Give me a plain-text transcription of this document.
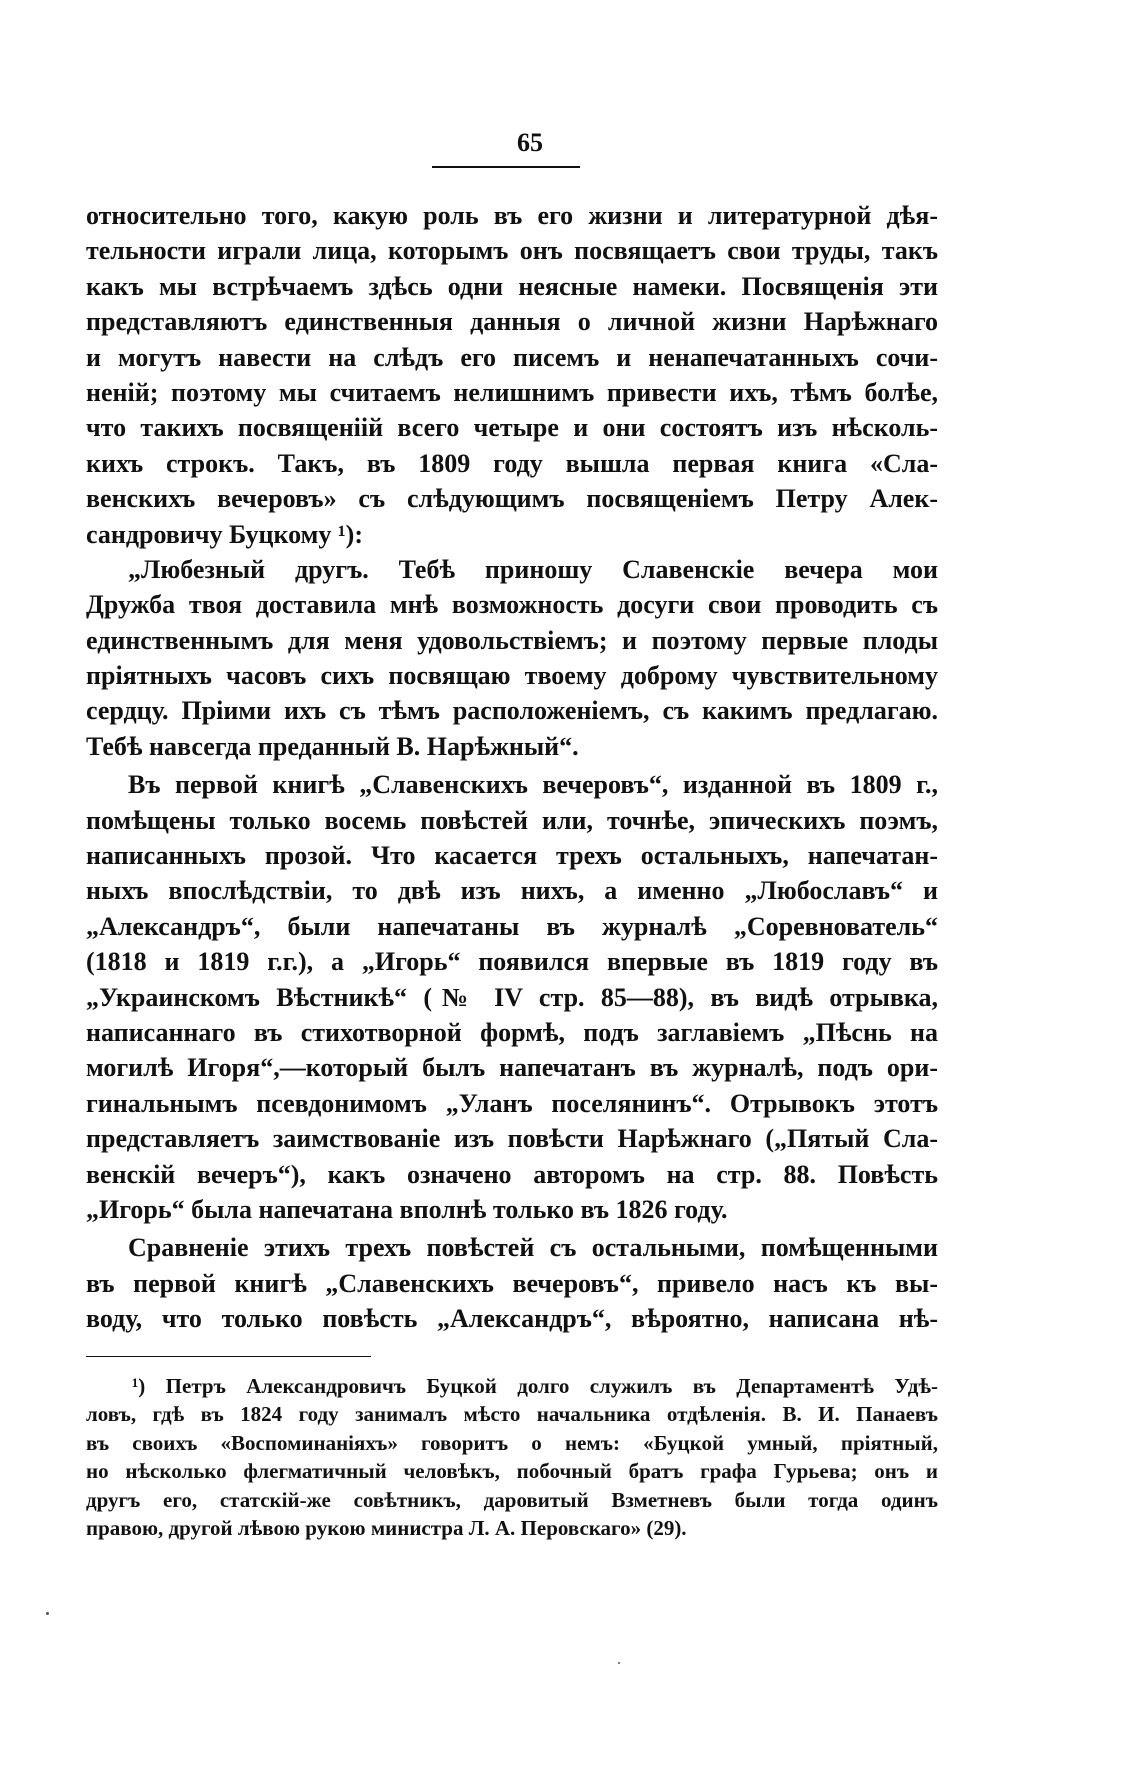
65
относительно того, какую роль въ его жизни и литературной дѣя-
тельности играли лица, которымъ онъ посвящаетъ свои труды, такъ
какъ мы встрѣчаемъ здѣсь одни неясные намеки. Посвященія эти
представляютъ единственныя данныя о личной жизни Нарѣжнаго
и могутъ навести на слѣдъ его писемъ и ненапечатанныхъ сочи-
неній; поэтому мы считаемъ нелишнимъ привести ихъ, тѣмъ болѣе,
что такихъ посвященіій всего четыре и они состоятъ изъ нѣсколь-
кихъ строкъ. Такъ, въ 1809 году вышла первая книга «Сла-
венскихъ вечеровъ» съ слѣдующимъ посвященіемъ Петру Алек-
сандровичу Буцкому ¹):
„Любезный другъ. Тебѣ приношу Славенскіе вечера мои
Дружба твоя доставила мнѣ возможность досуги свои проводить съ
единственнымъ для меня удовольствіемъ; и поэтому первые плоды
пріятныхъ часовъ сихъ посвящаю твоему доброму чувствительному
сердцу. Пріими ихъ съ тѣмъ расположеніемъ, съ какимъ предлагаю.
Тебѣ навсегда преданный В. Нарѣжный“.
Въ первой книгѣ „Славенскихъ вечеровъ“, изданной въ 1809 г.,
помѣщены только восемь повѣстей или, точнѣе, эпическихъ поэмъ,
написанныхъ прозой. Что касается трехъ остальныхъ, напечатан-
ныхъ впослѣдствіи, то двѣ изъ нихъ, а именно „Любославъ“ и
„Александръ“, были напечатаны въ журналѣ „Соревнователь“
(1818 и 1819 г.г.), а „Игорь“ появился впервые въ 1819 году въ
„Украинскомъ Вѣстникѣ“ (№ IV стр. 85—88), въ видѣ отрывка,
написаннаго въ стихотворной формѣ, подъ заглавіемъ „Пѣснь на
могилѣ Игоря“,—который былъ напечатанъ въ журналѣ, подъ ори-
гинальнымъ псевдонимомъ „Уланъ поселянинъ“. Отрывокъ этотъ
представляетъ заимствованіе изъ повѣсти Нарѣжнаго („Пятый Сла-
венскій вечеръ“), какъ означено авторомъ на стр. 88. Повѣсть
„Игорь“ была напечатана вполнѣ только въ 1826 году.
Сравненіе этихъ трехъ повѣстей съ остальными, помѣщенными
въ первой книгѣ „Славенскихъ вечеровъ“, привело насъ къ вы-
воду, что только повѣсть „Александръ“, вѣроятно, написана нѣ-
¹) Петръ Александровичъ Буцкой долго служилъ въ Департаментѣ Удѣ-
ловъ, гдѣ въ 1824 году занималъ мѣсто начальника отдѣленія. В. И. Панаевъ
въ своихъ «Воспоминаніяхъ» говоритъ о немъ: «Буцкой умный, пріятный,
но нѣсколько флегматичный человѣкъ, побочный братъ графа Гурьева; онъ и
другъ его, статскій-же совѣтникъ, даровитый Взметневъ были тогда одинъ
правою, другой лѣвою рукою министра Л. А. Перовскаго» (29).
